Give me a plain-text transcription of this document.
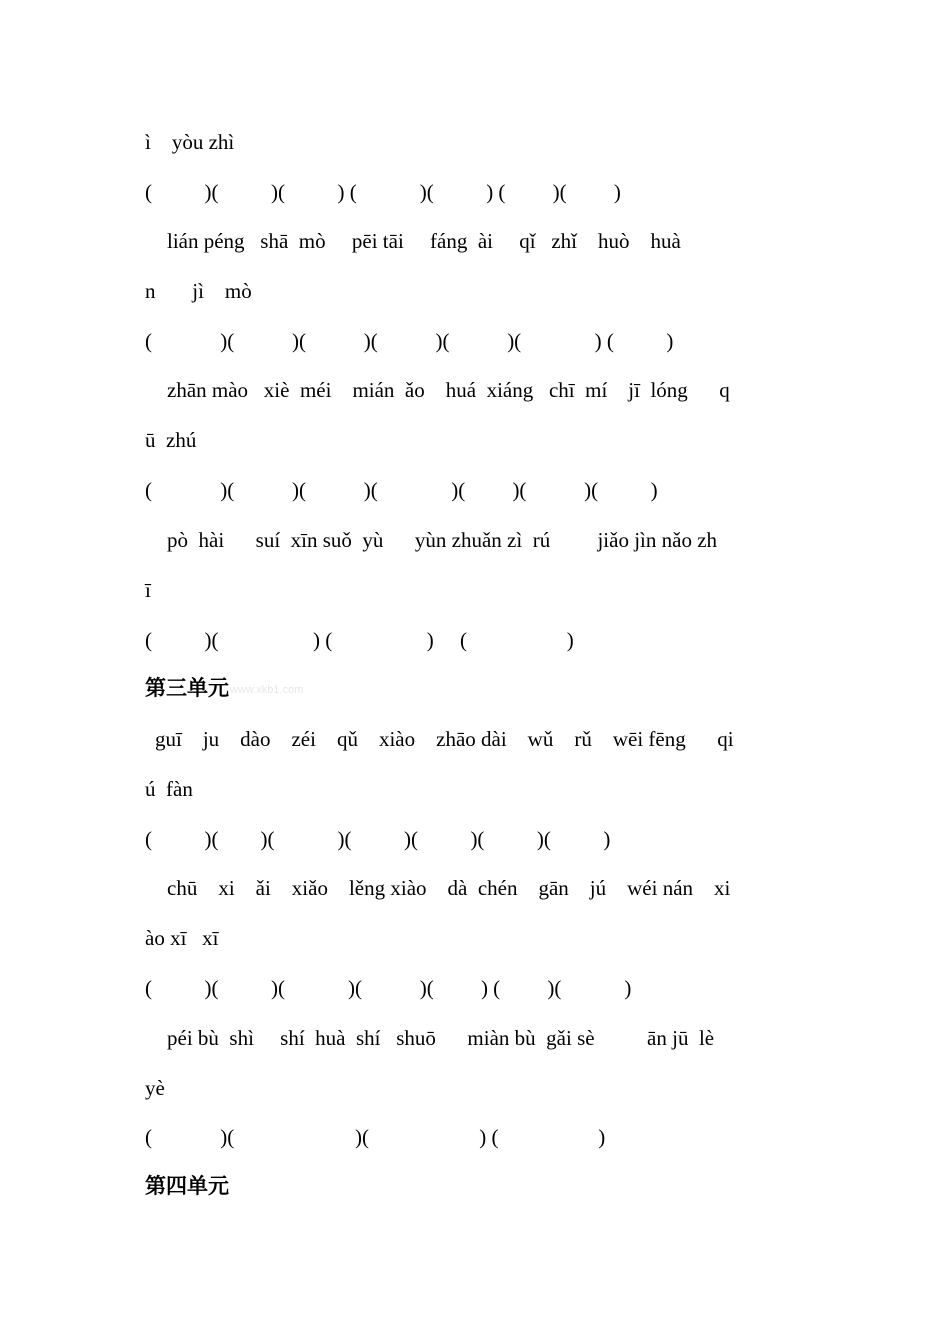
ì    yòu zhì
(          )(          )(          ) (            )(          ) (         )(         )
lián péng   shā  mò     pēi tāi     fáng  ài     qǐ   zhǐ    huò    huà
n       jì    mò
(             )(           )(           )(           )(           )(              ) (          )
zhān mào   xiè  méi    mián  ǎo    huá  xiáng   chī  mí    jī  lóng      q
ū  zhú
(             )(           )(           )(              )(         )(           )(          )
pò  hài      suí  xīn suǒ  yù      yùn zhuǎn zì  rú         jiǎo jìn nǎo zh
ī
(          )(                  ) (                  )     (                   )
第三单元 www.xkb1.com
guī    ju    dào    zéi    qǔ    xiào    zhāo dài    wǔ    rǔ    wēi fēng      qi
ú  fàn
(          )(        )(            )(          )(          )(          )(          )
chū    xi    ǎi    xiǎo    lěng xiào    dà  chén    gān    jú    wéi nán    xi
ào xī   xī
(          )(          )(            )(           )(         ) (         )(            )
péi bù  shì     shí  huà  shí   shuō      miàn bù  gǎi sè          ān jū  lè
yè
(             )(                       )(                     ) (                   )
第四单元
